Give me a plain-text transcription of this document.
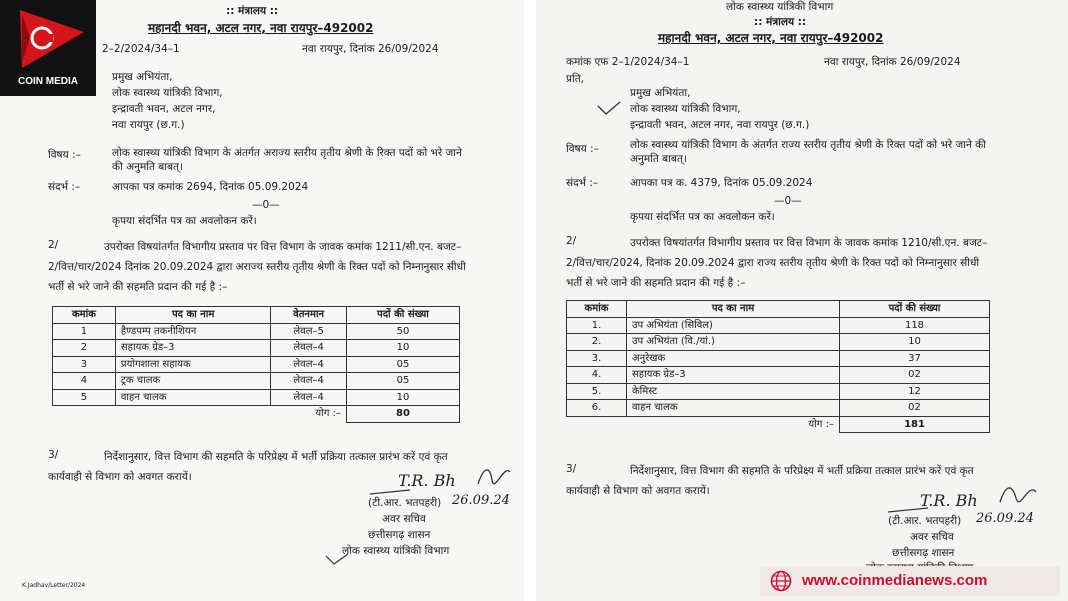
:: मंत्रालय ::
महानदी भवन, अटल नगर, नवा रायपुर–492002
2–2/2024/34–1	नवा रायपुर, दिनांक 26/09/2024
प्रमुख अभियंता,
लोक स्वास्थ्य यांत्रिकी विभाग,
इन्द्रावती भवन, अटल नगर,
नवा रायपुर (छ.ग.)
विषय :–	लोक स्वास्थ्य यांत्रिकी विभाग के अंतर्गत अराज्य स्तरीय तृतीय श्रेणी के रिक्त पदों को भरे जाने की अनुमति बाबत्।
संदर्भ :–	आपका पत्र कमांक 2694, दिनांक 05.09.2024
—0—
कृपया संदर्भित पत्र का अवलोकन करें।
2/	उपरोक्त विषयांतर्गत विभागीय प्रस्ताव पर वित्त विभाग के जावक कमांक 1211/सी.एन. बजट–2/वित्त/चार/2024 दिनांक 20.09.2024 द्वारा अराज्य स्तरीय तृतीय श्रेणी के रिक्त पदों को निम्नानुसार सीधी भर्ती से भरे जाने की सहमति प्रदान की गई है :–
कमांक	पद का नाम	वेतनमान	पदों की संख्या
1	हैण्डपम्प तकनीशियन	लेवल–5	50
2	सहायक ग्रेड–3	लेवल–4	10
3	प्रयोगशाला सहायक	लेवल–4	05
4	ट्रक चालक	लेवल–4	05
5	वाहन चालक	लेवल–4	10
योग :–			80
3/	निर्देशानुसार, वित्त विभाग की सहमति के परिप्रेक्ष्य में भर्ती प्रक्रिया तत्काल प्रारंभ करें एवं कृत कार्यवाही से विभाग को अवगत करायें।	T.R. Bh
(टी.आर. भतपहरी) 26.09.24
अवर सचिव
छत्तीसगढ़ शासन
लोक स्वास्थ्य यांत्रिकी विभाग
K.Jadhav/Letter/2024
लोक स्वास्थ्य यांत्रिकी विभाग
:: मंत्रालय ::
महानदी भवन, अटल नगर, नवा रायपुर–492002
कमांक एफ 2–1/2024/34–1	नवा रायपुर, दिनांक 26/09/2024
प्रति,
प्रमुख अभियंता,
लोक स्वास्थ्य यांत्रिकी विभाग,
इन्द्रावती भवन, अटल नगर, नवा रायपुर (छ.ग.)
विषय :–	लोक स्वास्थ्य यांत्रिकी विभाग के अंतर्गत राज्य स्तरीय तृतीय श्रेणी के रिक्त पदों को भरे जाने की अनुमति बाबत्।
संदर्भ :–	आपका पत्र क. 4379, दिनांक 05.09.2024
—0—
कृपया संदर्भित पत्र का अवलोकन करें।
2/	उपरोक्त विषयांतर्गत विभागीय प्रस्ताव पर वित्त विभाग के जावक कमांक 1210/सी.एन. बजट–2/वित्त/चार/2024, दिनांक 20.09.2024 द्वारा राज्य स्तरीय तृतीय श्रेणी के रिक्त पदों को निम्नानुसार सीधी भर्ती से भरे जाने की सहमति प्रदान की गई है :–
कमांक	पद का नाम	पदों की संख्या
1.	उप अभियंता (सिविल)	118
2.	उप अभियंता (वि./यां.)	10
3.	अनुरेखक	37
4.	सहायक ग्रेड–3	02
5.	केमिस्ट	12
6.	वाहन चालक	02
योग :–		181
3/	निर्देशानुसार, वित्त विभाग की सहमति के परिप्रेक्ष्य में भर्ती प्रक्रिया तत्काल प्रारंभ करें एवं कृत कार्यवाही से विभाग को अवगत करायें।
T.R. Bh
(टी.आर. भतपहरी) 26.09.24
अवर सचिव
छत्तीसगढ़ शासन
COIN MEDIA
www.coinmedianews.com
